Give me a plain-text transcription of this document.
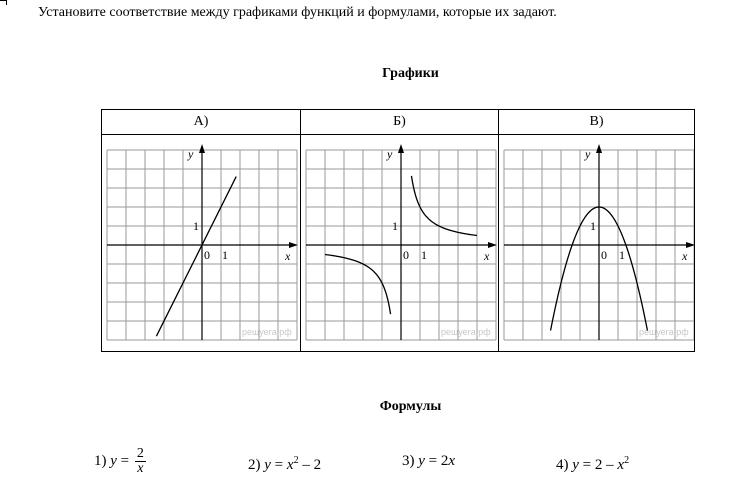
Установите соответствие между графиками функций и формулами, которые их задают.
Графики
А)
y
x
0 1
1
решуега.рф
Б)
y
x
0 1
1
решуега.рф
В)
y
x
0 1
1
решуега.рф
Формулы
1) $y = \frac{2}{x}$	2) $y = x^2 - 2$	3) y = 2x	4) $y = 2 - x^2$
